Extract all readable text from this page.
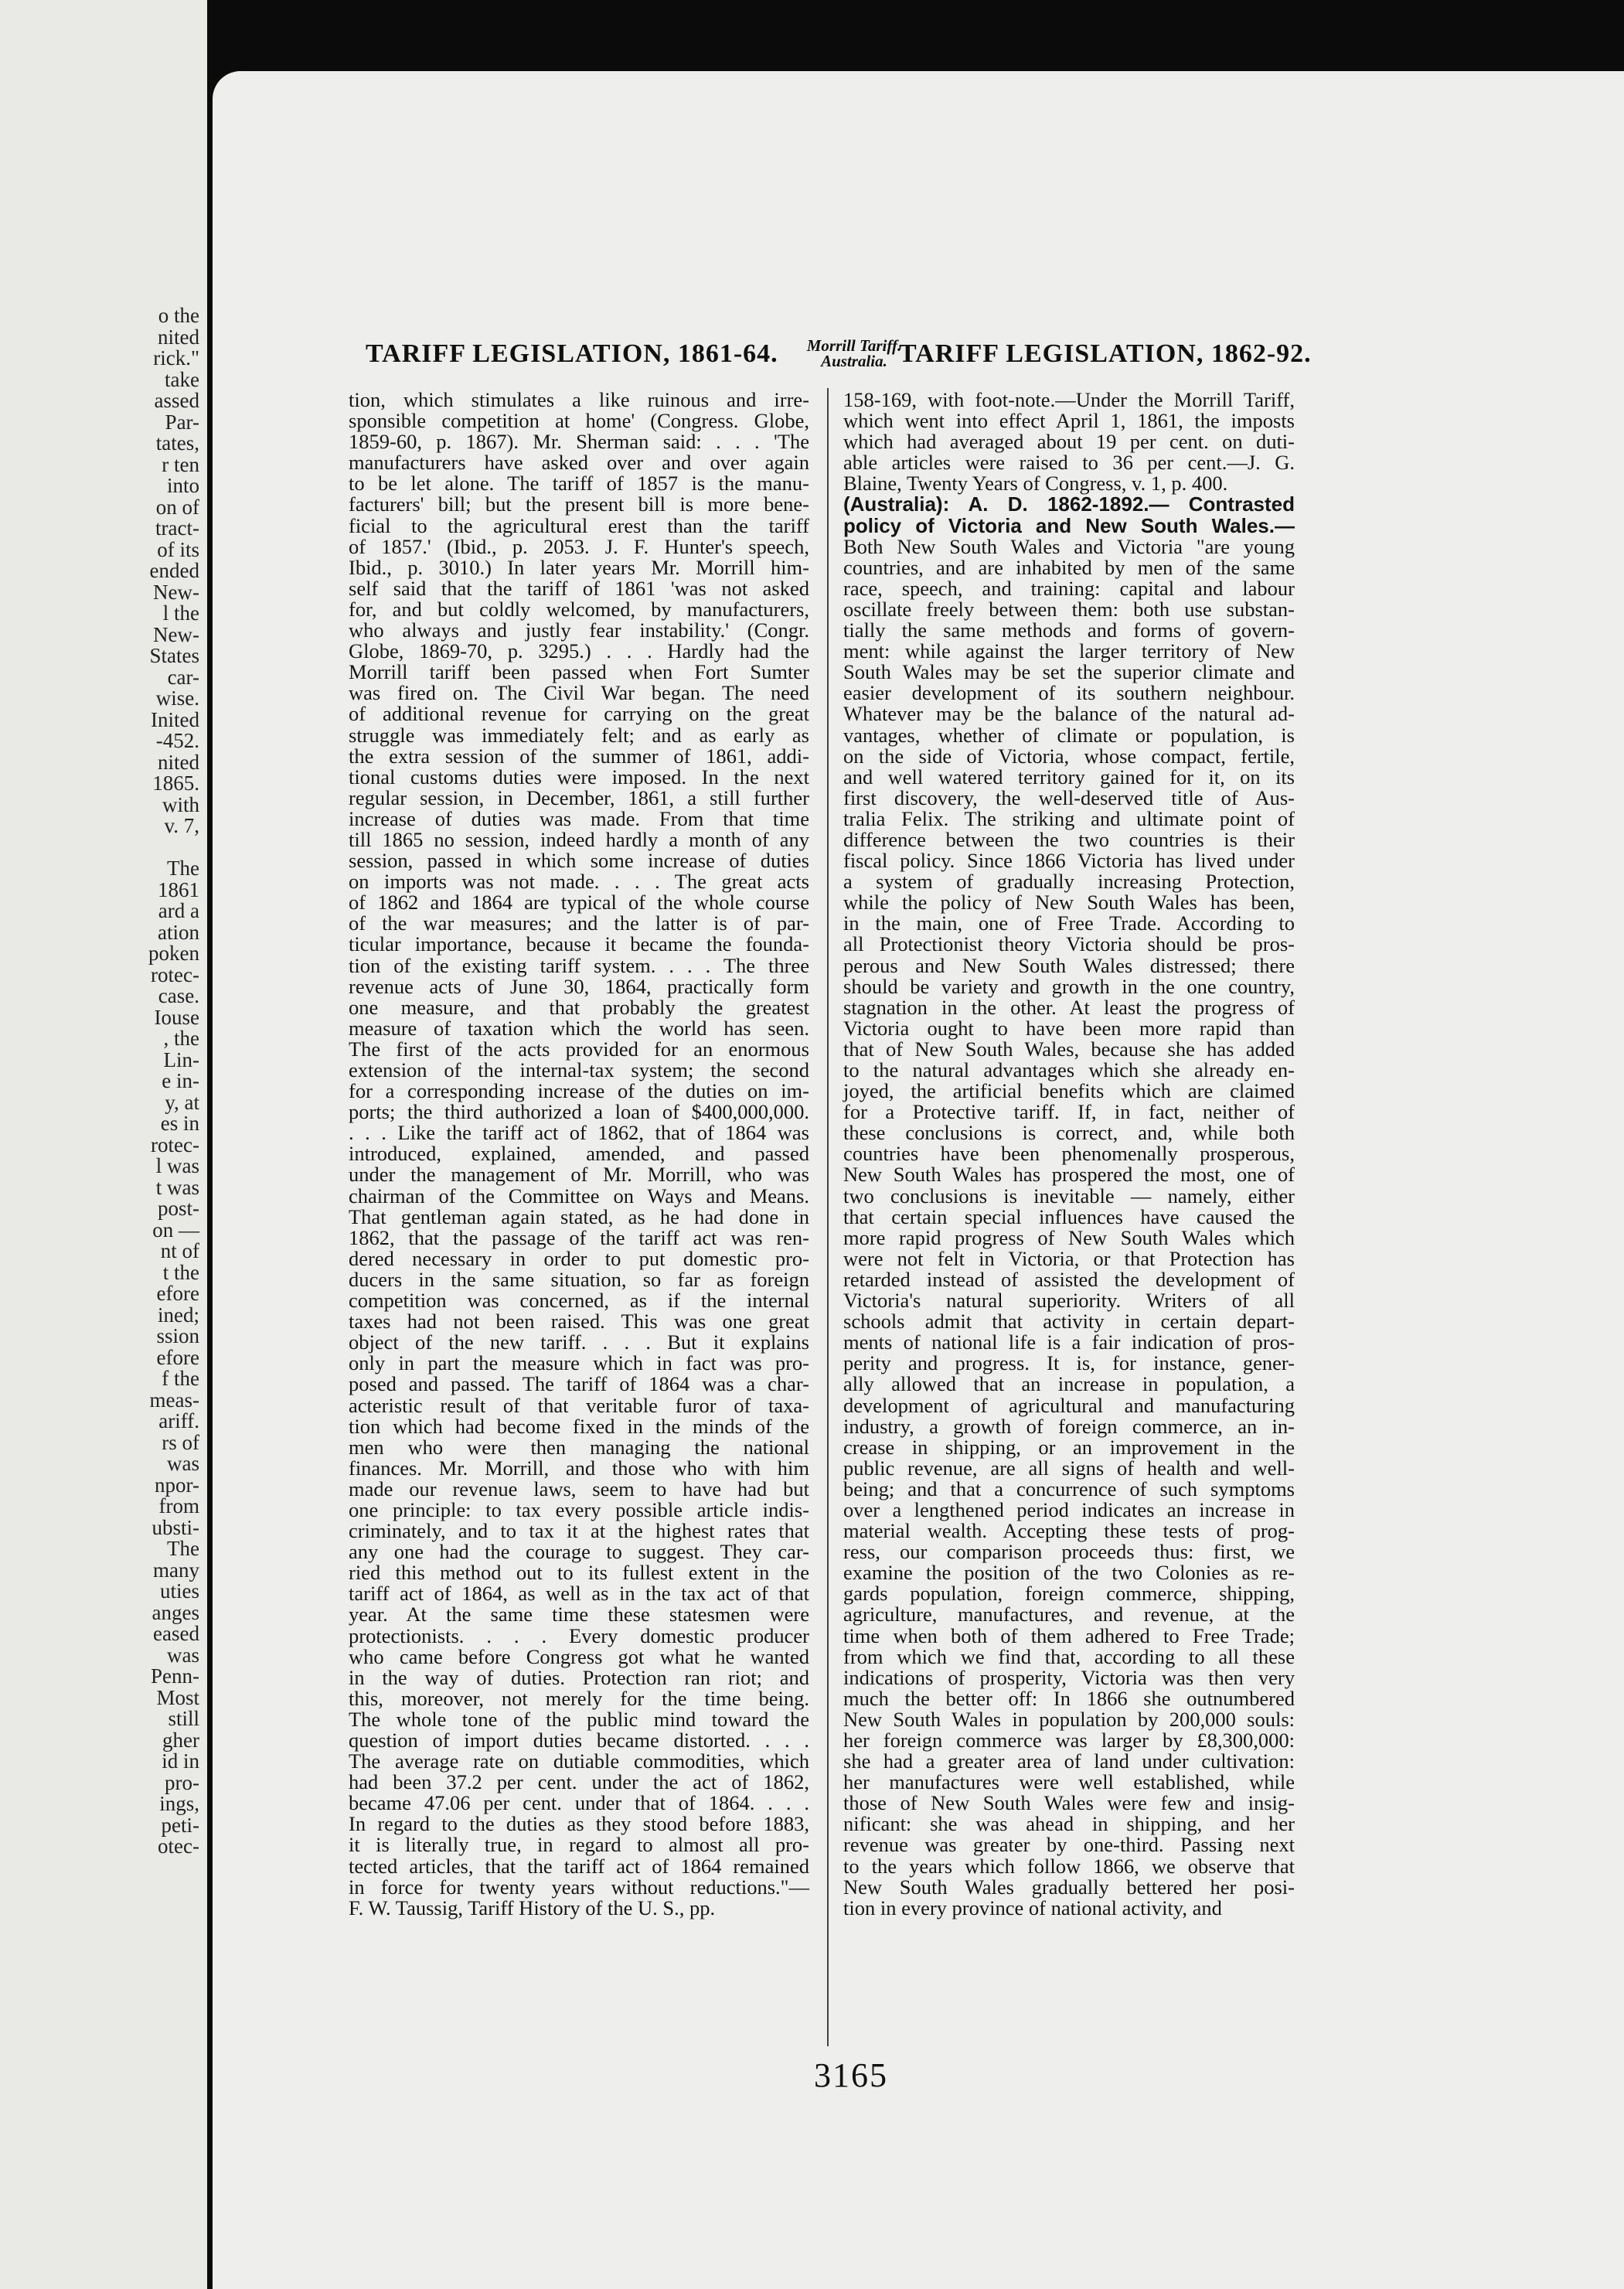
o the
nited
rick."
take
assed
Par-
tates,
r ten
into
on of
tract-
of its
ended
New-
l the
New-
States
car-
wise.
Inited
-452.
nited
1865.
with
v. 7,

The
1861
ard a
ation
poken
rotec-
case.
Iouse
, the
Lin-
e in-
y, at
es in
rotec-
l was
t was
post-
on —
nt of
t the
efore
ined;
ssion
efore
f the
meas-
ariff.
rs of
was
npor-
from
ubsti-
The
many
uties
anges
eased
was
Penn-
Most
still
gher
id in
pro-
ings,
peti-
otec-
TARIFF LEGISLATION, 1861-64.	Morrill Tariff.
Australia. TARIFF LEGISLATION, 1862-92.
tion, which stimulates a like ruinous and irre-
sponsible competition at home' (Congress. Globe,
1859-60, p. 1867). Mr. Sherman said: . . . 'The
manufacturers have asked over and over again
to be let alone. The tariff of 1857 is the manu-
facturers' bill; but the present bill is more bene-
ficial to the agricultural erest than the tariff
of 1857.' (Ibid., p. 2053. J. F. Hunter's speech,
Ibid., p. 3010.) In later years Mr. Morrill him-
self said that the tariff of 1861 'was not asked
for, and but coldly welcomed, by manufacturers,
who always and justly fear instability.' (Congr.
Globe, 1869-70, p. 3295.) . . . Hardly had the
Morrill tariff been passed when Fort Sumter
was fired on. The Civil War began. The need
of additional revenue for carrying on the great
struggle was immediately felt; and as early as
the extra session of the summer of 1861, addi-
tional customs duties were imposed. In the next
regular session, in December, 1861, a still further
increase of duties was made. From that time
till 1865 no session, indeed hardly a month of any
session, passed in which some increase of duties
on imports was not made. . . . The great acts
of 1862 and 1864 are typical of the whole course
of the war measures; and the latter is of par-
ticular importance, because it became the founda-
tion of the existing tariff system. . . . The three
revenue acts of June 30, 1864, practically form
one measure, and that probably the greatest
measure of taxation which the world has seen.
The first of the acts provided for an enormous
extension of the internal-tax system; the second
for a corresponding increase of the duties on im-
ports; the third authorized a loan of $400,000,000.
. . . Like the tariff act of 1862, that of 1864 was
introduced, explained, amended, and passed
under the management of Mr. Morrill, who was
chairman of the Committee on Ways and Means.
That gentleman again stated, as he had done in
1862, that the passage of the tariff act was ren-
dered necessary in order to put domestic pro-
ducers in the same situation, so far as foreign
competition was concerned, as if the internal
taxes had not been raised. This was one great
object of the new tariff. . . . But it explains
only in part the measure which in fact was pro-
posed and passed. The tariff of 1864 was a char-
acteristic result of that veritable furor of taxa-
tion which had become fixed in the minds of the
men who were then managing the national
finances. Mr. Morrill, and those who with him
made our revenue laws, seem to have had but
one principle: to tax every possible article indis-
criminately, and to tax it at the highest rates that
any one had the courage to suggest. They car-
ried this method out to its fullest extent in the
tariff act of 1864, as well as in the tax act of that
year. At the same time these statesmen were
protectionists. . . . Every domestic producer
who came before Congress got what he wanted
in the way of duties. Protection ran riot; and
this, moreover, not merely for the time being.
The whole tone of the public mind toward the
question of import duties became distorted. . . .
The average rate on dutiable commodities, which
had been 37.2 per cent. under the act of 1862,
became 47.06 per cent. under that of 1864. . . .
In regard to the duties as they stood before 1883,
it is literally true, in regard to almost all pro-
tected articles, that the tariff act of 1864 remained
in force for twenty years without reductions."—
F. W. Taussig, Tariff History of the U. S., pp.
158-169, with foot-note.—Under the Morrill Tariff,
which went into effect April 1, 1861, the imposts
which had averaged about 19 per cent. on duti-
able articles were raised to 36 per cent.—J. G.
Blaine, Twenty Years of Congress, v. 1, p. 400.
(Australia): A. D. 1862-1892.— Contrasted
policy of Victoria and New South Wales.—
Both New South Wales and Victoria "are young
countries, and are inhabited by men of the same
race, speech, and training: capital and labour
oscillate freely between them: both use substan-
tially the same methods and forms of govern-
ment: while against the larger territory of New
South Wales may be set the superior climate and
easier development of its southern neighbour.
Whatever may be the balance of the natural ad-
vantages, whether of climate or population, is
on the side of Victoria, whose compact, fertile,
and well watered territory gained for it, on its
first discovery, the well-deserved title of Aus-
tralia Felix. The striking and ultimate point of
difference between the two countries is their
fiscal policy. Since 1866 Victoria has lived under
a system of gradually increasing Protection,
while the policy of New South Wales has been,
in the main, one of Free Trade. According to
all Protectionist theory Victoria should be pros-
perous and New South Wales distressed; there
should be variety and growth in the one country,
stagnation in the other. At least the progress of
Victoria ought to have been more rapid than
that of New South Wales, because she has added
to the natural advantages which she already en-
joyed, the artificial benefits which are claimed
for a Protective tariff. If, in fact, neither of
these conclusions is correct, and, while both
countries have been phenomenally prosperous,
New South Wales has prospered the most, one of
two conclusions is inevitable — namely, either
that certain special influences have caused the
more rapid progress of New South Wales which
were not felt in Victoria, or that Protection has
retarded instead of assisted the development of
Victoria's natural superiority. Writers of all
schools admit that activity in certain depart-
ments of national life is a fair indication of pros-
perity and progress. It is, for instance, gener-
ally allowed that an increase in population, a
development of agricultural and manufacturing
industry, a growth of foreign commerce, an in-
crease in shipping, or an improvement in the
public revenue, are all signs of health and well-
being; and that a concurrence of such symptoms
over a lengthened period indicates an increase in
material wealth. Accepting these tests of prog-
ress, our comparison proceeds thus: first, we
examine the position of the two Colonies as re-
gards population, foreign commerce, shipping,
agriculture, manufactures, and revenue, at the
time when both of them adhered to Free Trade;
from which we find that, according to all these
indications of prosperity, Victoria was then very
much the better off: In 1866 she outnumbered
New South Wales in population by 200,000 souls:
her foreign commerce was larger by £8,300,000:
she had a greater area of land under cultivation:
her manufactures were well established, while
those of New South Wales were few and insig-
nificant: she was ahead in shipping, and her
revenue was greater by one-third. Passing next
to the years which follow 1866, we observe that
New South Wales gradually bettered her posi-
tion in every province of national activity, and
3165
